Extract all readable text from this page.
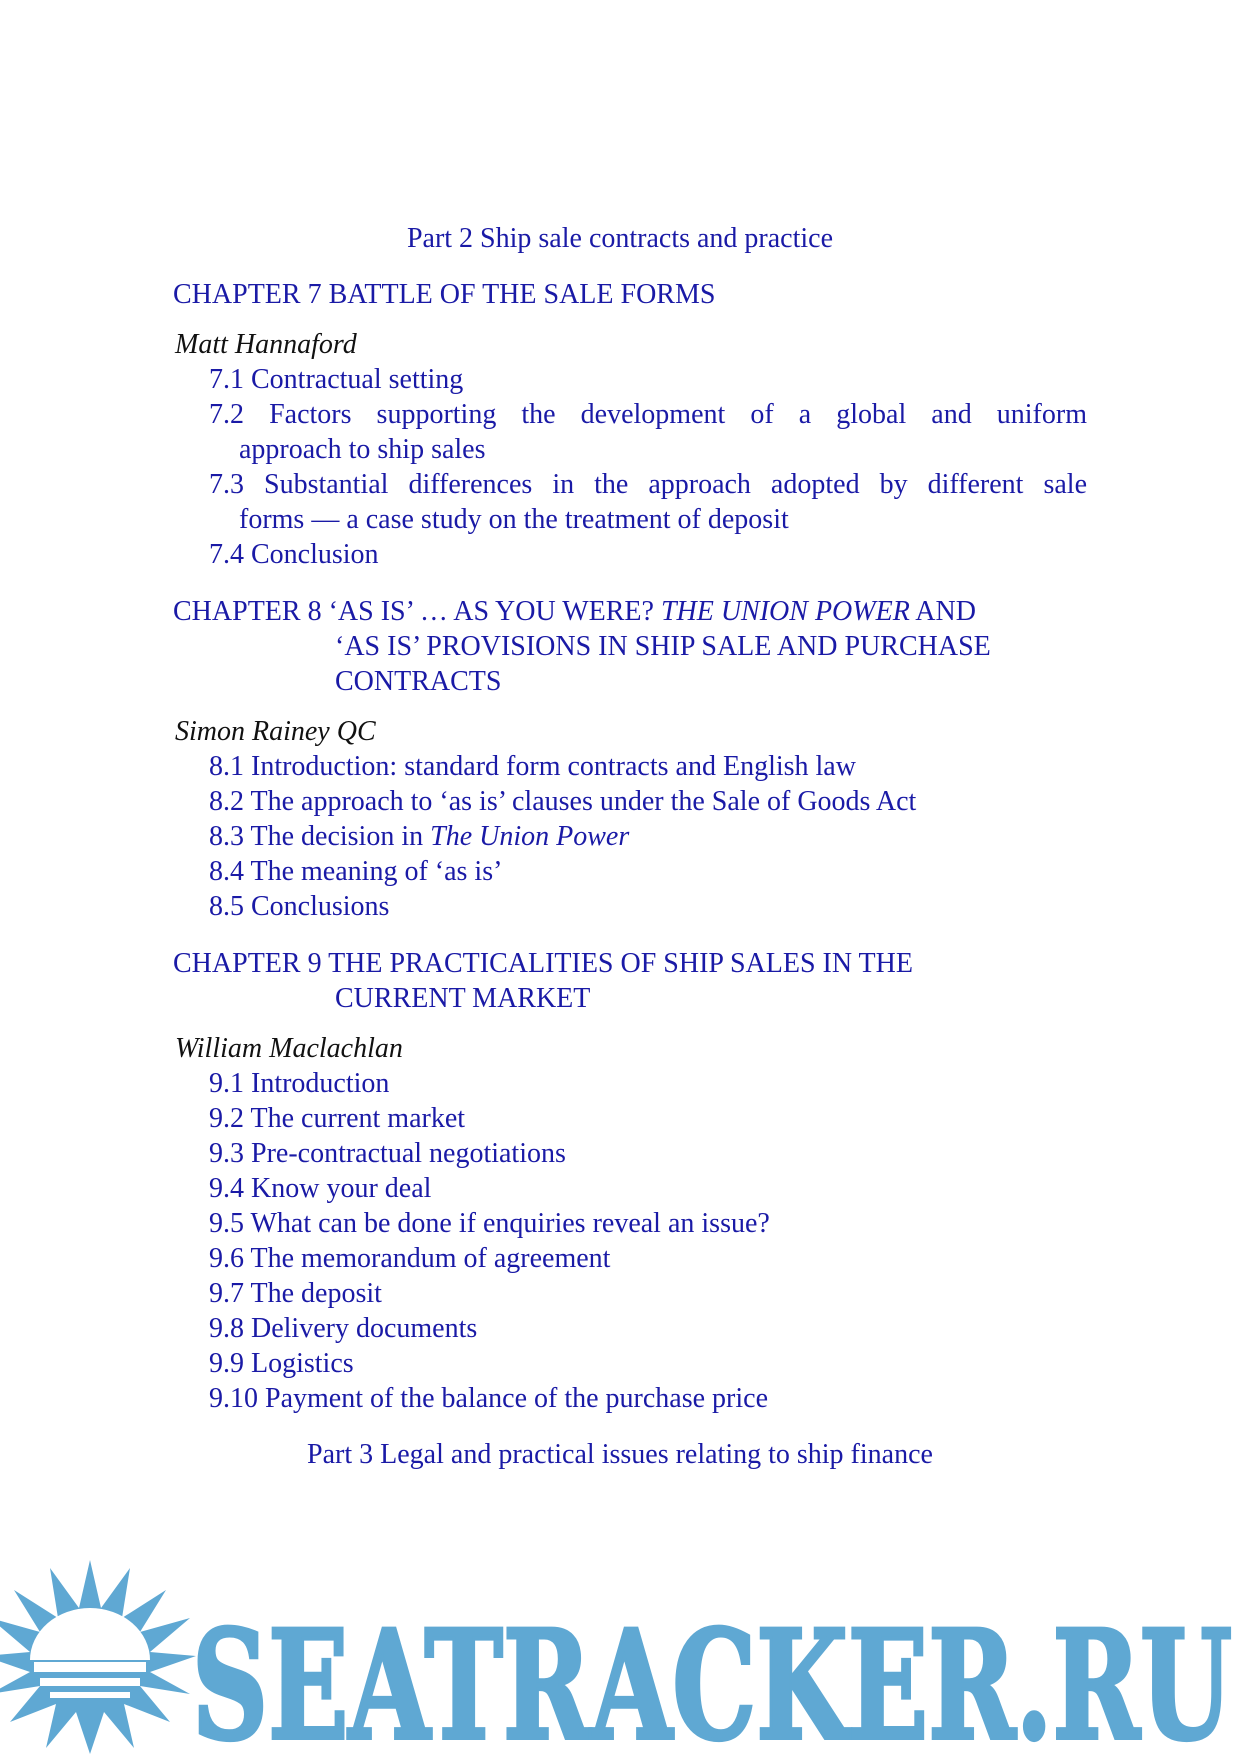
Part 2 Ship sale contracts and practice
CHAPTER 7 BATTLE OF THE SALE FORMS
Matt Hannaford
7.1 Contractual setting
7.2 Factors supporting the development of a global and uniform
approach to ship sales
7.3 Substantial differences in the approach adopted by different sale
forms — a case study on the treatment of deposit
7.4 Conclusion
CHAPTER 8 ‘AS IS’ … AS YOU WERE? THE UNION POWER AND
‘AS IS’ PROVISIONS IN SHIP SALE AND PURCHASE
CONTRACTS
Simon Rainey QC
8.1 Introduction: standard form contracts and English law
8.2 The approach to ‘as is’ clauses under the Sale of Goods Act
8.3 The decision in The Union Power
8.4 The meaning of ‘as is’
8.5 Conclusions
CHAPTER 9 THE PRACTICALITIES OF SHIP SALES IN THE
CURRENT MARKET
William Maclachlan
9.1 Introduction
9.2 The current market
9.3 Pre-contractual negotiations
9.4 Know your deal
9.5 What can be done if enquiries reveal an issue?
9.6 The memorandum of agreement
9.7 The deposit
9.8 Delivery documents
9.9 Logistics
9.10 Payment of the balance of the purchase price
Part 3 Legal and practical issues relating to ship finance
SEATRACKER.RU
